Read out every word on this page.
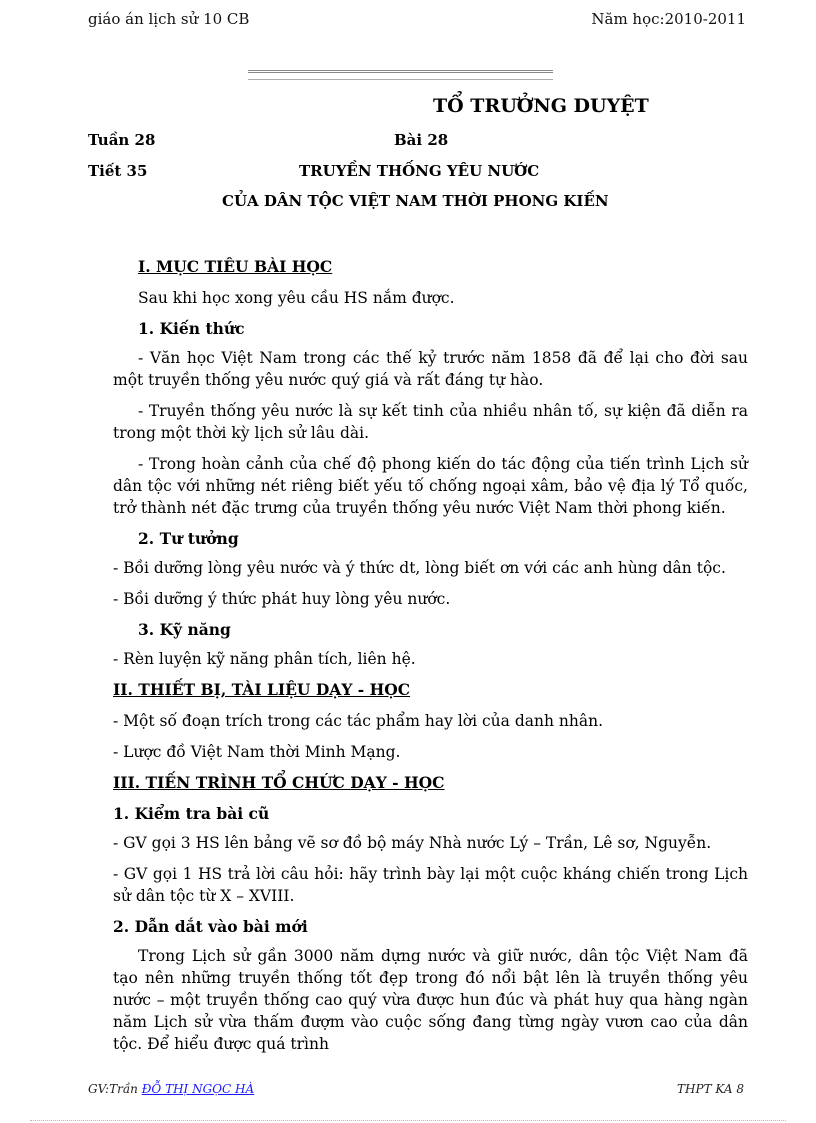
giáo án lịch sử 10 CB	Năm học:2010-2011
TỔ TRƯỞNG DUYỆT
Tuần 28	Bài 28
Tiết 35	TRUYỀN THỐNG YÊU NƯỚC
CỦA DÂN TỘC VIỆT NAM THỜI PHONG KIẾN
I. MỤC TIÊU BÀI HỌC
Sau khi học xong yêu cầu HS nắm được.
1. Kiến thức
- Văn học Việt Nam trong các thế kỷ trước năm 1858 đã để lại cho đời sau một truyền thống yêu nước quý giá và rất đáng tự hào.
- Truyền thống yêu nước là sự kết tinh của nhiều nhân tố, sự kiện đã diễn ra trong một thời kỳ lịch sử lâu dài.
- Trong hoàn cảnh của chế độ phong kiến do tác động của tiến trình Lịch sử dân tộc với những nét riêng biết yếu tố chống ngoại xâm, bảo vệ địa lý Tổ quốc, trở thành nét đặc trưng của truyền thống yêu nước Việt Nam thời phong kiến.
2. Tư tưởng
- Bồi dưỡng lòng yêu nước và ý thức dt, lòng biết ơn với các anh hùng dân tộc.
- Bồi dưỡng ý thức phát huy lòng yêu nước.
3. Kỹ năng
- Rèn luyện kỹ năng phân tích, liên hệ.
II. THIẾT BỊ, TÀI LIỆU DẠY - HỌC
- Một số đoạn trích trong các tác phẩm hay lời của danh nhân.
- Lược đồ Việt Nam thời Minh Mạng.
III. TIẾN TRÌNH TỔ CHỨC DẠY - HỌC
1. Kiểm tra bài cũ
- GV gọi 3 HS lên bảng vẽ sơ đồ bộ máy Nhà nước Lý – Trần, Lê sơ, Nguyễn.
- GV gọi 1 HS trả lời câu hỏi: hãy trình bày lại một cuộc kháng chiến trong Lịch sử dân tộc từ X – XVIII.
2. Dẫn dắt vào bài mới
Trong Lịch sử gần 3000 năm dựng nước và giữ nước, dân tộc Việt Nam đã tạo nên những truyền thống tốt đẹp trong đó nổi bật lên là truyền thống yêu nước – một truyền thống cao quý vừa được hun đúc và phát huy qua hàng ngàn năm Lịch sử vừa thấm đượm vào cuộc sống đang từng ngày vươn cao của dân tộc. Để hiểu được quá trình
GV:Trần ĐỖ THỊ NGỌC HÀ	THPT KA 8
